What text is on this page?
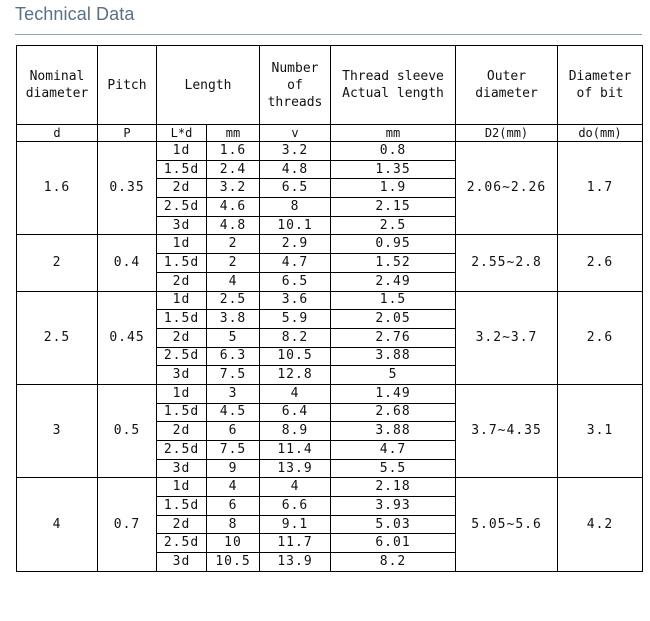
Technical Data
Nominal diameter	Pitch	Length		Number of threads	Thread sleeve Actual length	Outer diameter	Diameter of bit
d	P	L*d	mm	v	mm	D2(mm)	do(mm)
1.6	0.35	1d	1.6	3.2	0.8	2.06~2.26	1.7
		1.5d	2.4	4.8	1.35		
		2d	3.2	6.5	1.9		
		2.5d	4.6	8	2.15		
		3d	4.8	10.1	2.5		
2	0.4	1d	2	2.9	0.95	2.55~2.8	2.6
		1.5d	2	4.7	1.52		
		2d	4	6.5	2.49		
2.5	0.45	1d	2.5	3.6	1.5	3.2~3.7	2.6
		1.5d	3.8	5.9	2.05		
		2d	5	8.2	2.76		
		2.5d	6.3	10.5	3.88		
		3d	7.5	12.8	5		
3	0.5	1d	3	4	1.49	3.7~4.35	3.1
		1.5d	4.5	6.4	2.68		
		2d	6	8.9	3.88		
		2.5d	7.5	11.4	4.7		
		3d	9	13.9	5.5		
4	0.7	1d	4	4	2.18	5.05~5.6	4.2
		1.5d	6	6.6	3.93		
		2d	8	9.1	5.03		
		2.5d	10	11.7	6.01		
		3d	10.5	13.9	8.2		
